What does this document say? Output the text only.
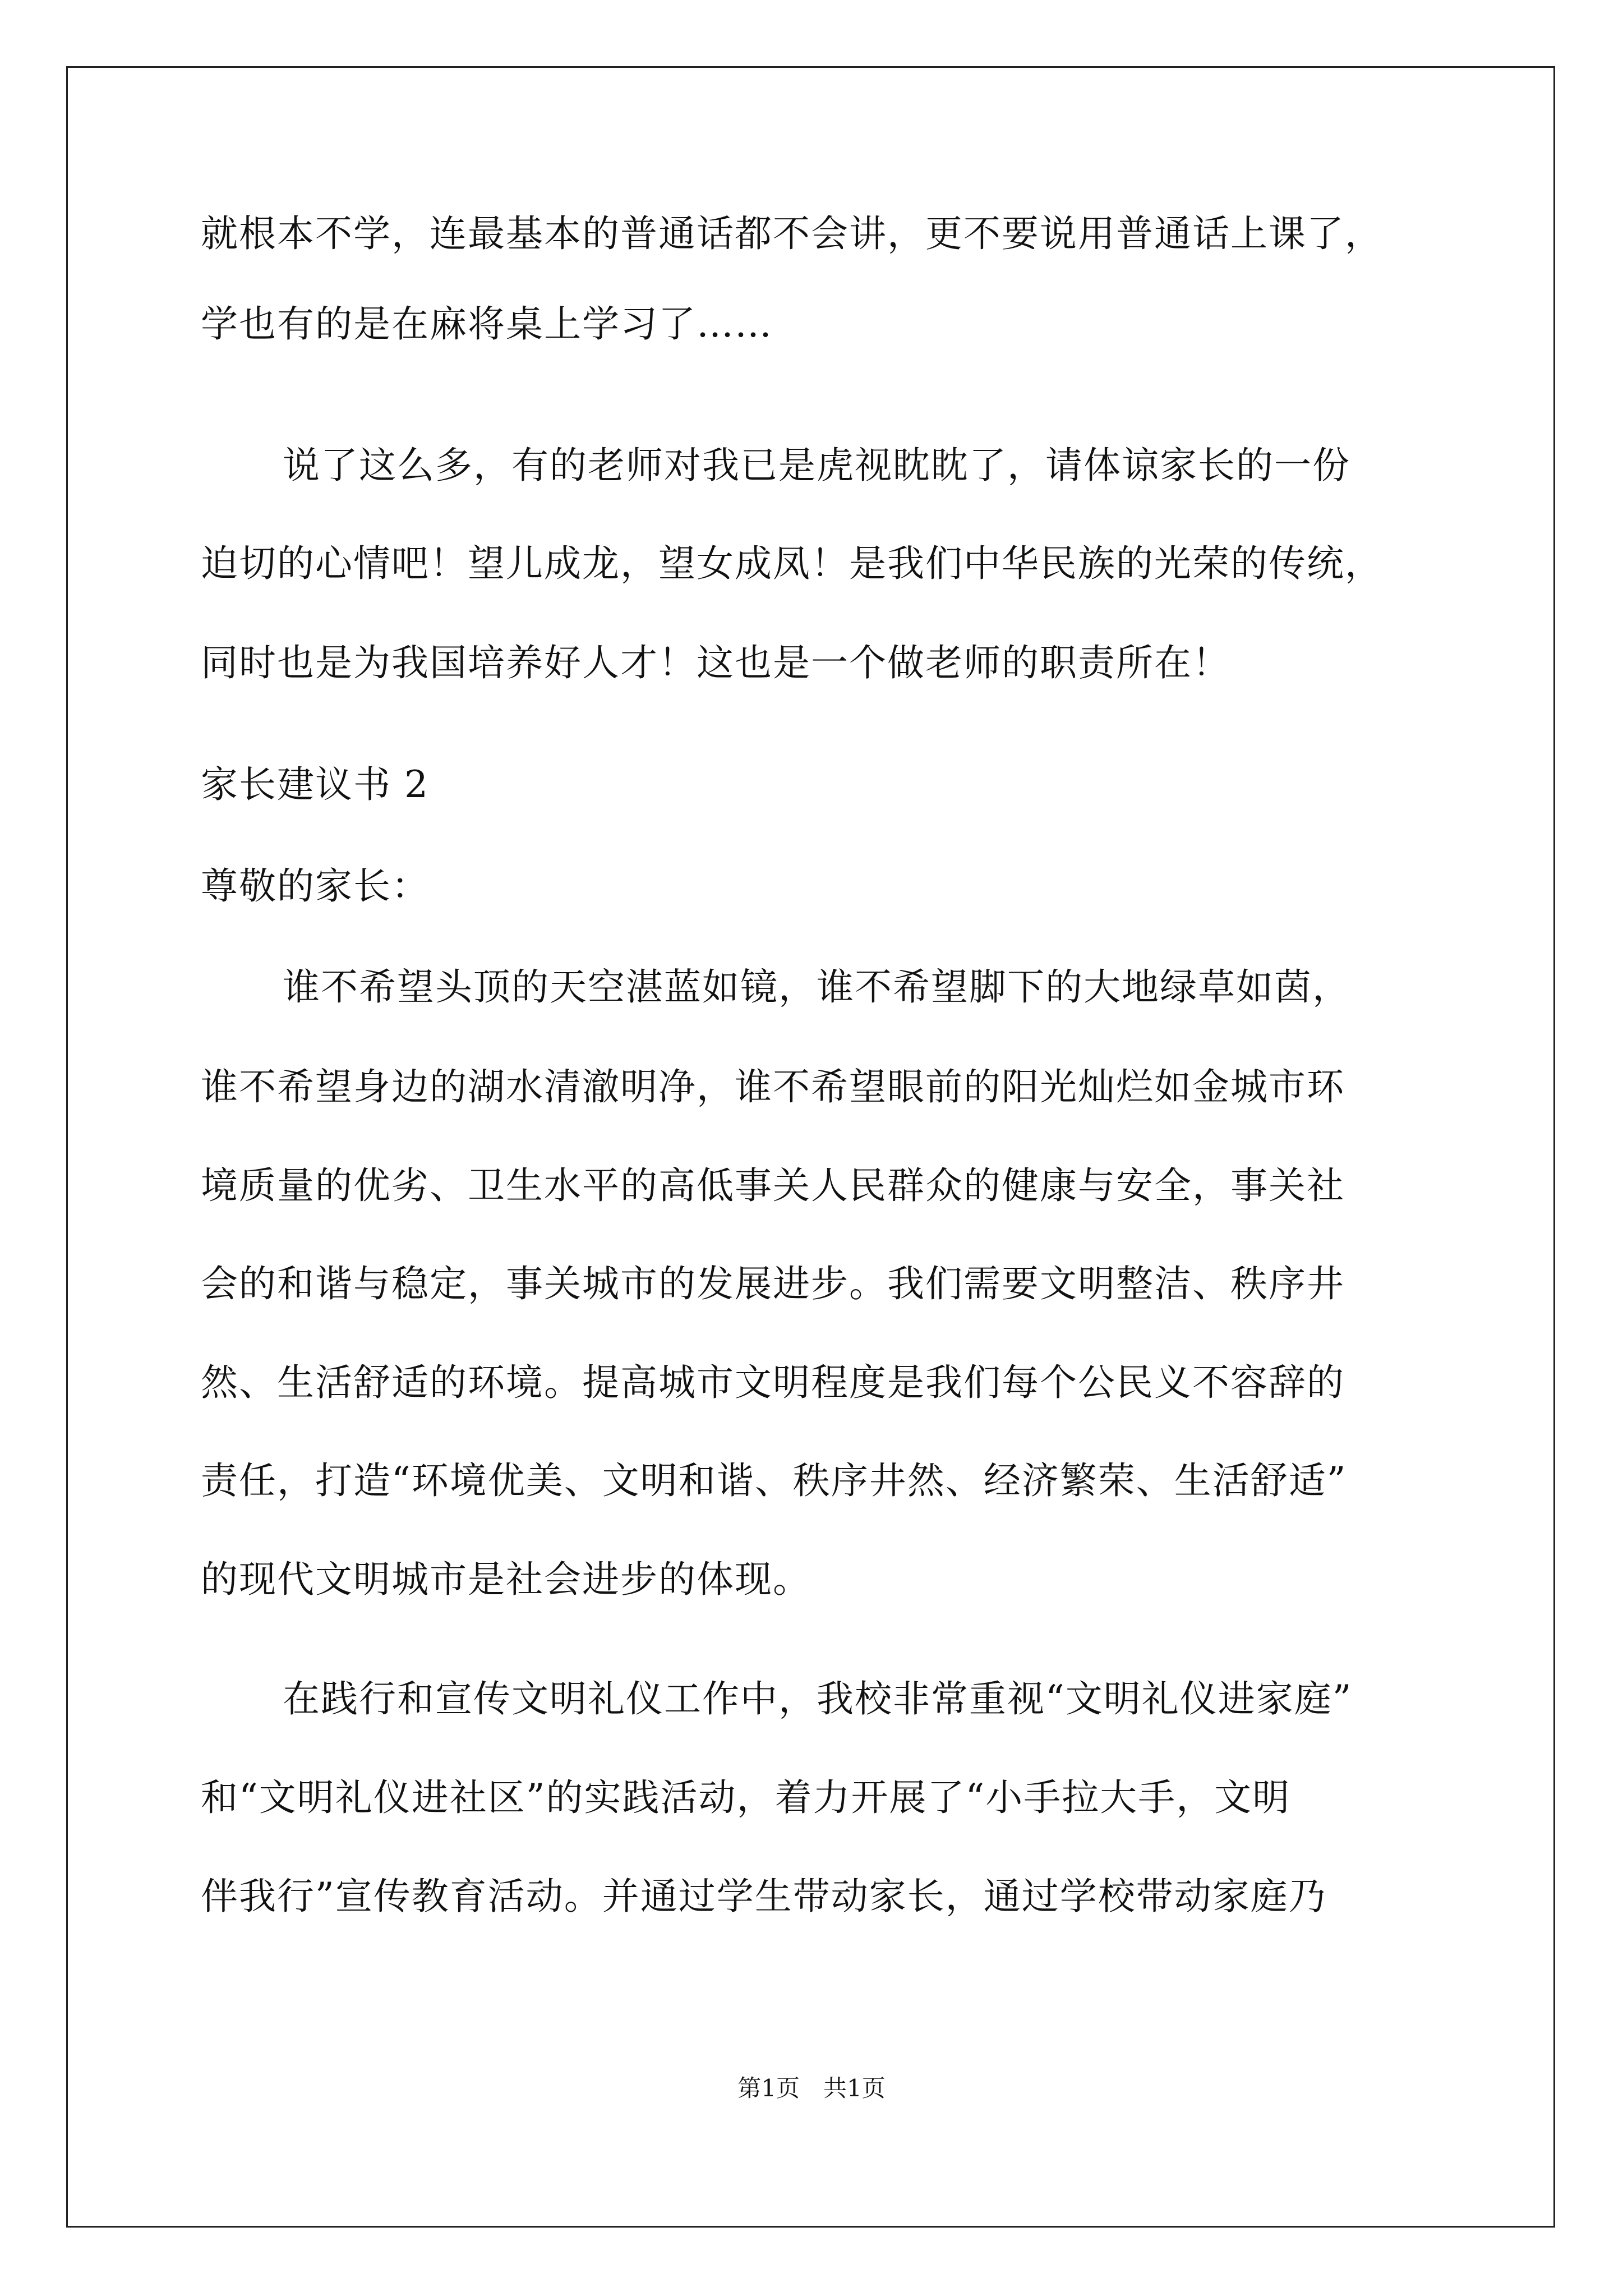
就根本不学，连最基本的普通话都不会讲，更不要说用普通话上课了，
学也有的是在麻将桌上学习了……
说了这么多，有的老师对我已是虎视眈眈了，请体谅家长的一份
迫切的心情吧！望儿成龙，望女成凤！是我们中华民族的光荣的传统，
同时也是为我国培养好人才！这也是一个做老师的职责所在！
家长建议书 2
尊敬的家长：
谁不希望头顶的天空湛蓝如镜，谁不希望脚下的大地绿草如茵，
谁不希望身边的湖水清澈明净，谁不希望眼前的阳光灿烂如金城市环
境质量的优劣、卫生水平的高低事关人民群众的健康与安全，事关社
会的和谐与稳定，事关城市的发展进步。我们需要文明整洁、秩序井
然、生活舒适的环境。提高城市文明程度是我们每个公民义不容辞的
责任，打造“环境优美、文明和谐、秩序井然、经济繁荣、生活舒适”
的现代文明城市是社会进步的体现。
在践行和宣传文明礼仪工作中，我校非常重视“文明礼仪进家庭”
和“文明礼仪进社区”的实践活动，着力开展了“小手拉大手，文明
伴我行”宣传教育活动。并通过学生带动家长，通过学校带动家庭乃
第1页　共1页
